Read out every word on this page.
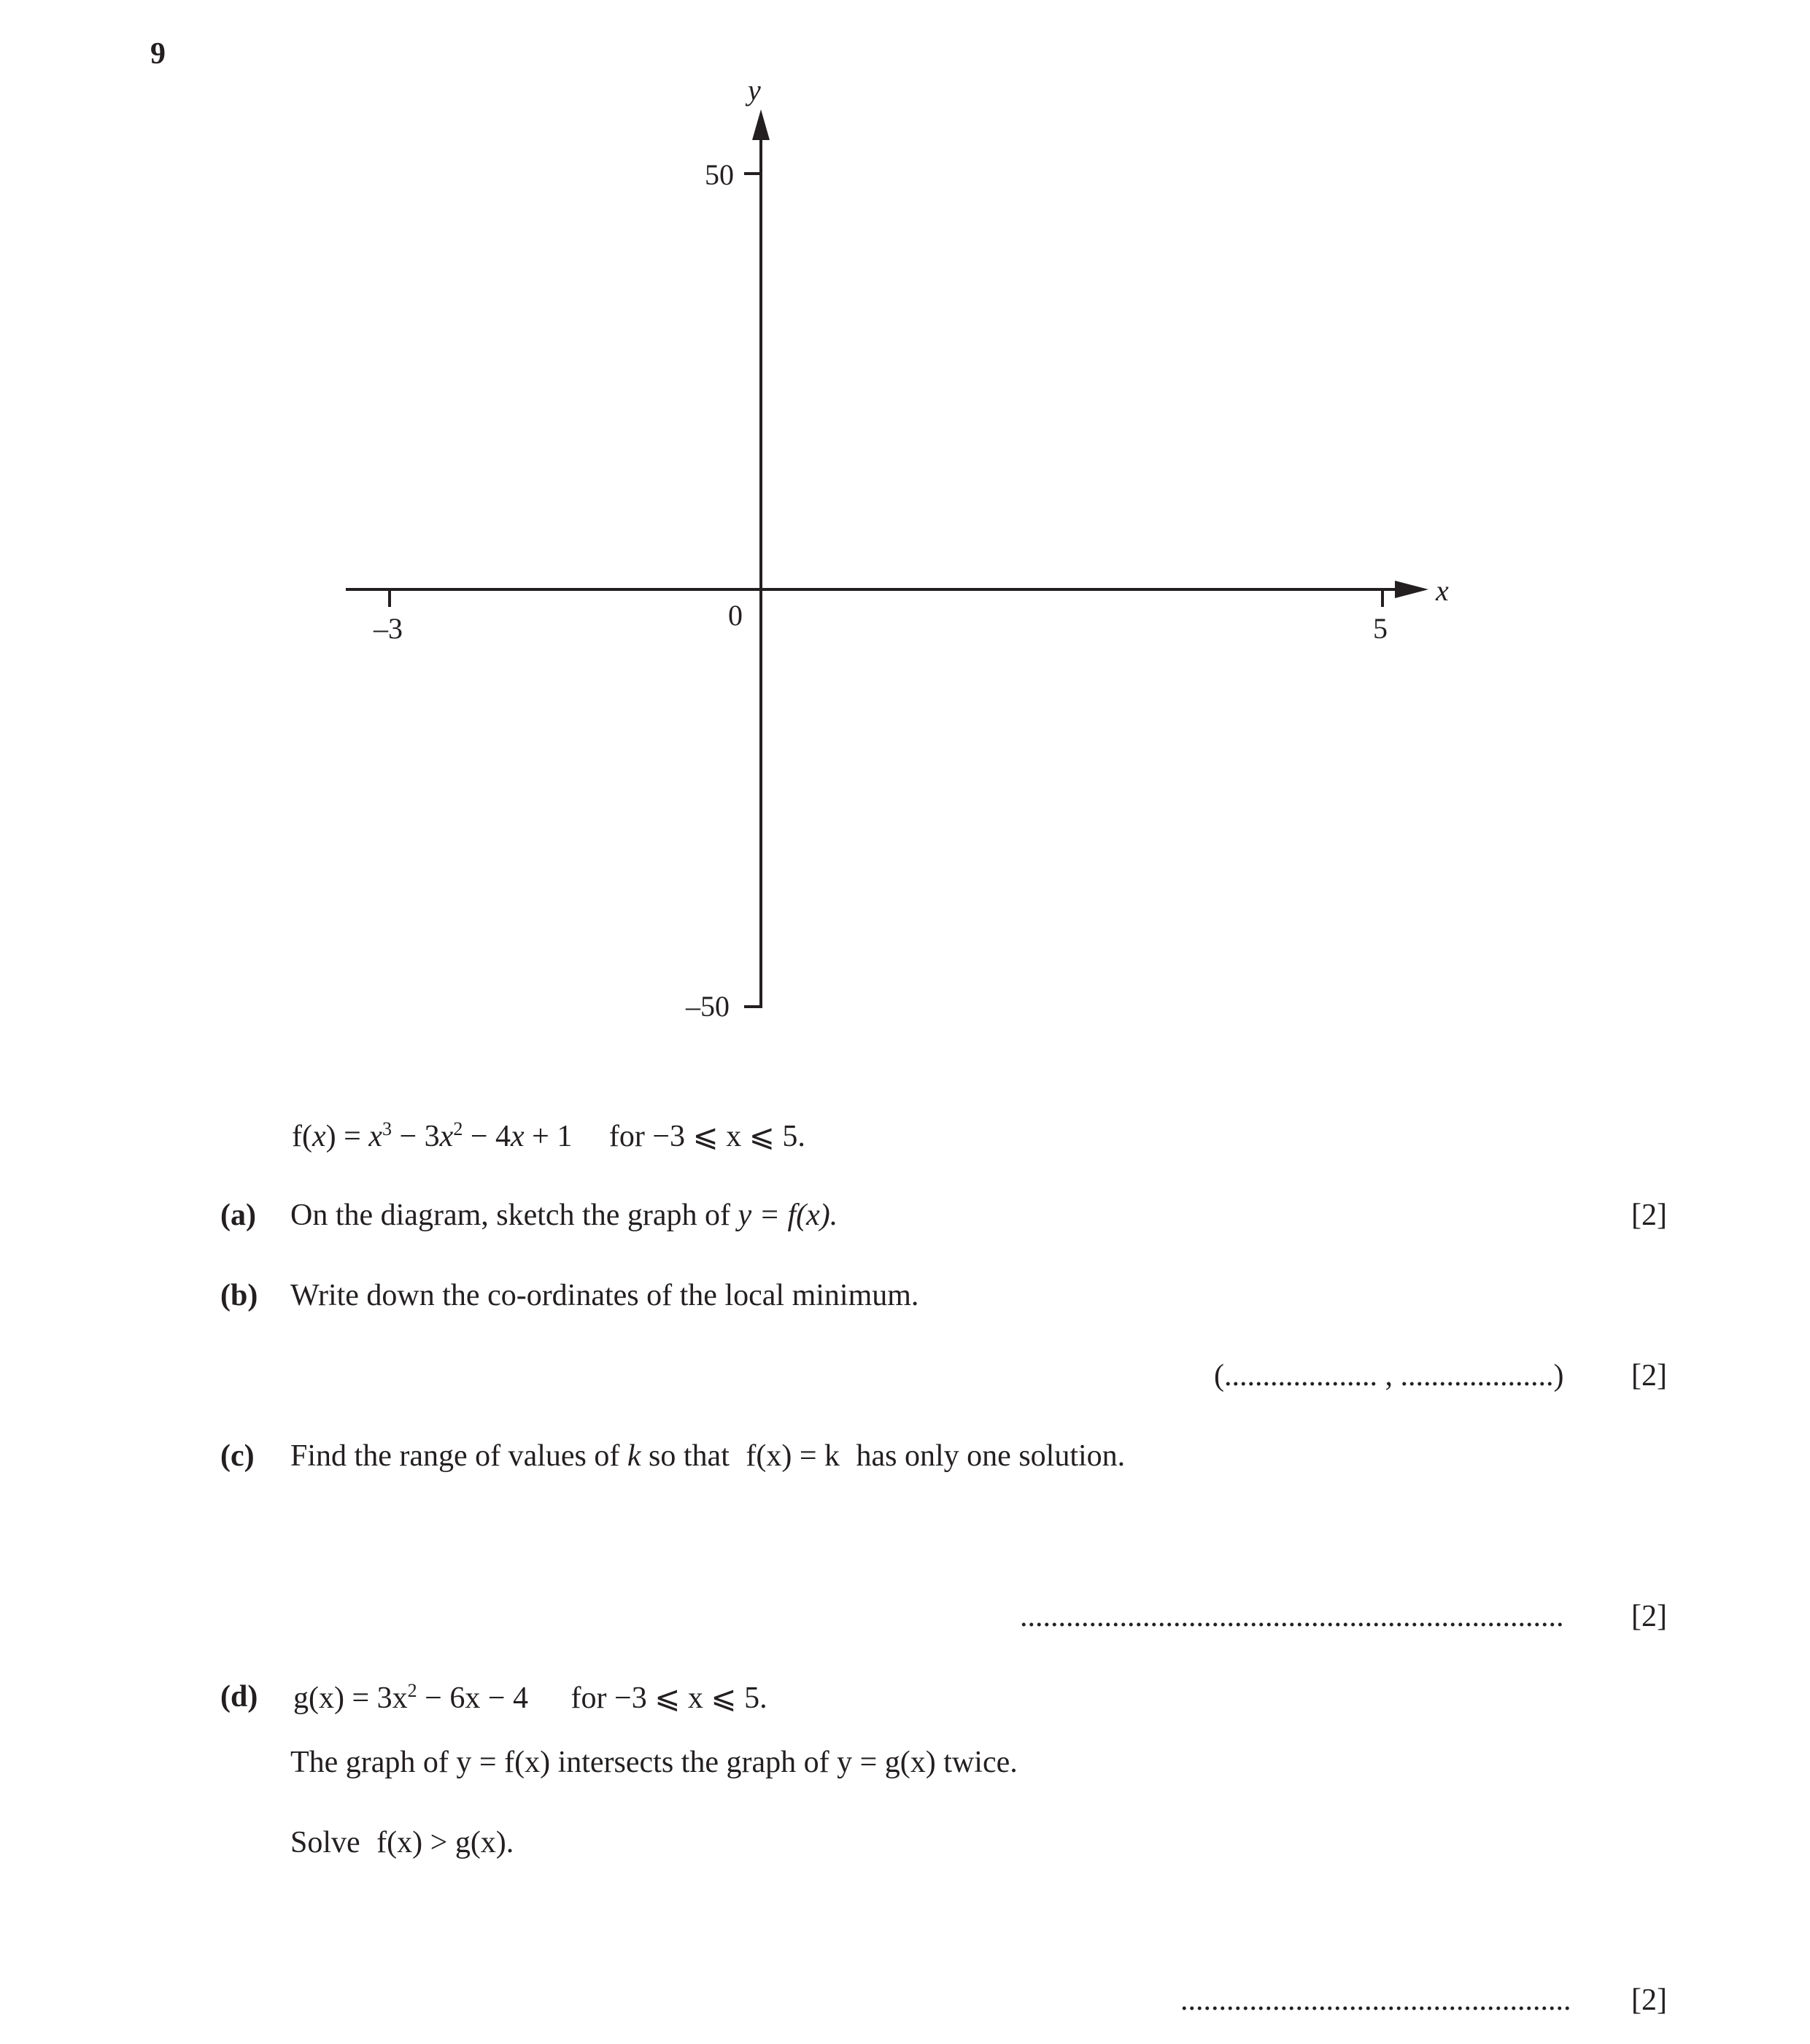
9
y
50
–50
x
–3	0	5
$f(x) = x^3 - 3x^2 - 4x + 1$ for −3 ⩽ x ⩽ 5.
(a) On the diagram, sketch the graph of y = f(x).	[2]
(b) Write down the co-ordinates of the local minimum.
(.................... , ....................) [2]
(c) Find the range of values of k so that f(x) = k has only one solution.
....................................................................... [2]
(d) $g(x) = 3x^2 - 6x - 4$ for −3 ⩽ x ⩽ 5.
The graph of y = f(x) intersects the graph of y = g(x) twice.
Solve f(x) > g(x).
................................................... [2]
